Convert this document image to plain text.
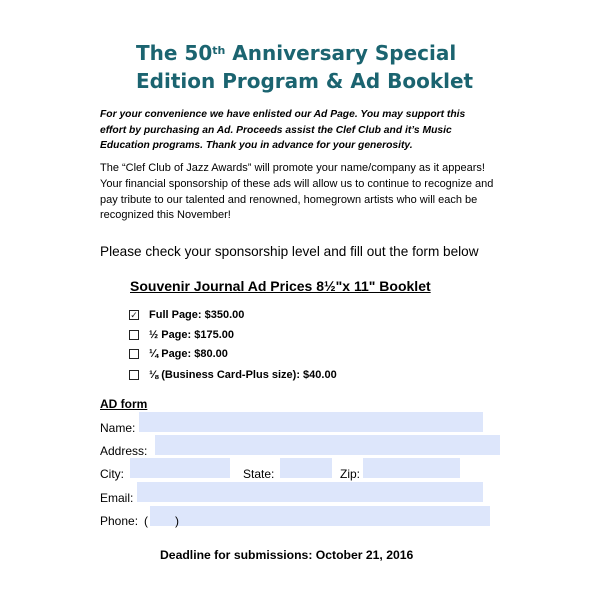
The 50th Anniversary Special
Edition Program & Ad Booklet
For your convenience we have enlisted our Ad Page. You may support this
effort by purchasing an Ad. Proceeds assist the Clef Club and it’s Music
Education programs. Thank you in advance for your generosity.
The “Clef Club of Jazz Awards” will promote your name/company as it appears!
Your financial sponsorship of these ads will allow us to continue to recognize and
pay tribute to our talented and renowned, homegrown artists who will each be
recognized this November!
Please check your sponsorship level and fill out the form below
Souvenir Journal Ad Prices 8½"x 11" Booklet
✓ Full Page: $350.00
½ Page: $175.00
¼ Page: $80.00
⅛ (Business Card-Plus size): $40.00
AD form
Name:
Address:
City:	State:	Zip:
Email:
Phone: ( )
Deadline for submissions: October 21, 2016
